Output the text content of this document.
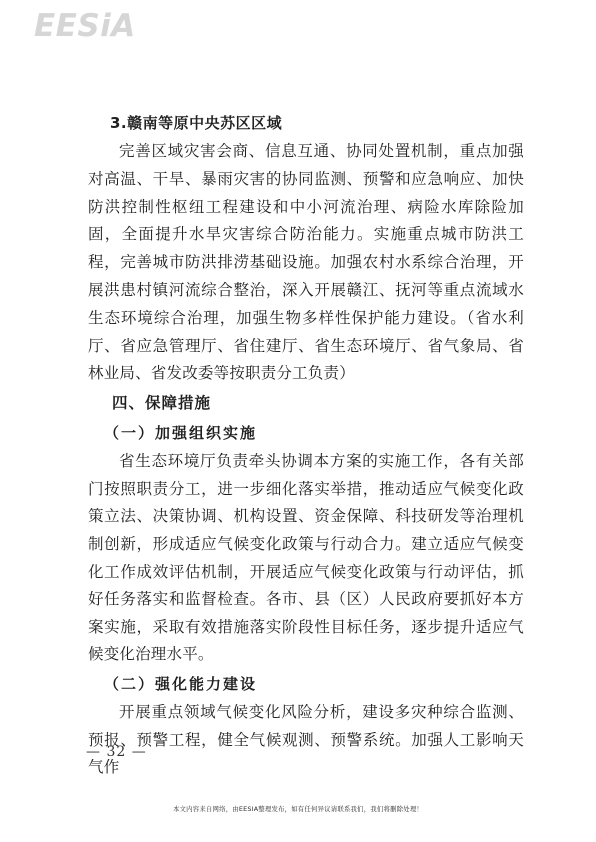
EESiA
3.赣南等原中央苏区区域

完善区域灾害会商、信息互通、协同处置机制，重点加强对高温、干旱、暴雨灾害的协同监测、预警和应急响应、加快防洪控制性枢纽工程建设和中小河流治理、病险水库除险加固，全面提升水旱灾害综合防治能力。实施重点城市防洪工程，完善城市防洪排涝基础设施。加强农村水系综合治理，开展洪患村镇河流综合整治，深入开展赣江、抚河等重点流域水生态环境综合治理，加强生物多样性保护能力建设。（省水利厅、省应急管理厅、省住建厅、省生态环境厅、省气象局、省林业局、省发改委等按职责分工负责）

四、保障措施
（一）加强组织实施

省生态环境厅负责牵头协调本方案的实施工作，各有关部门按照职责分工，进一步细化落实举措，推动适应气候变化政策立法、决策协调、机构设置、资金保障、科技研发等治理机制创新，形成适应气候变化政策与行动合力。建立适应气候变化工作成效评估机制，开展适应气候变化政策与行动评估，抓好任务落实和监督检查。各市、县（区）人民政府要抓好本方案实施，采取有效措施落实阶段性目标任务，逐步提升适应气候变化治理水平。

（二）强化能力建设

开展重点领域气候变化风险分析，建设多灾种综合监测、预报、预警工程，健全气候观测、预警系统。加强人工影响天气作

— 32 —
本文内容来自网络，由EESIA整理发布，如有任何异议请联系我们，我们将删除处理！
